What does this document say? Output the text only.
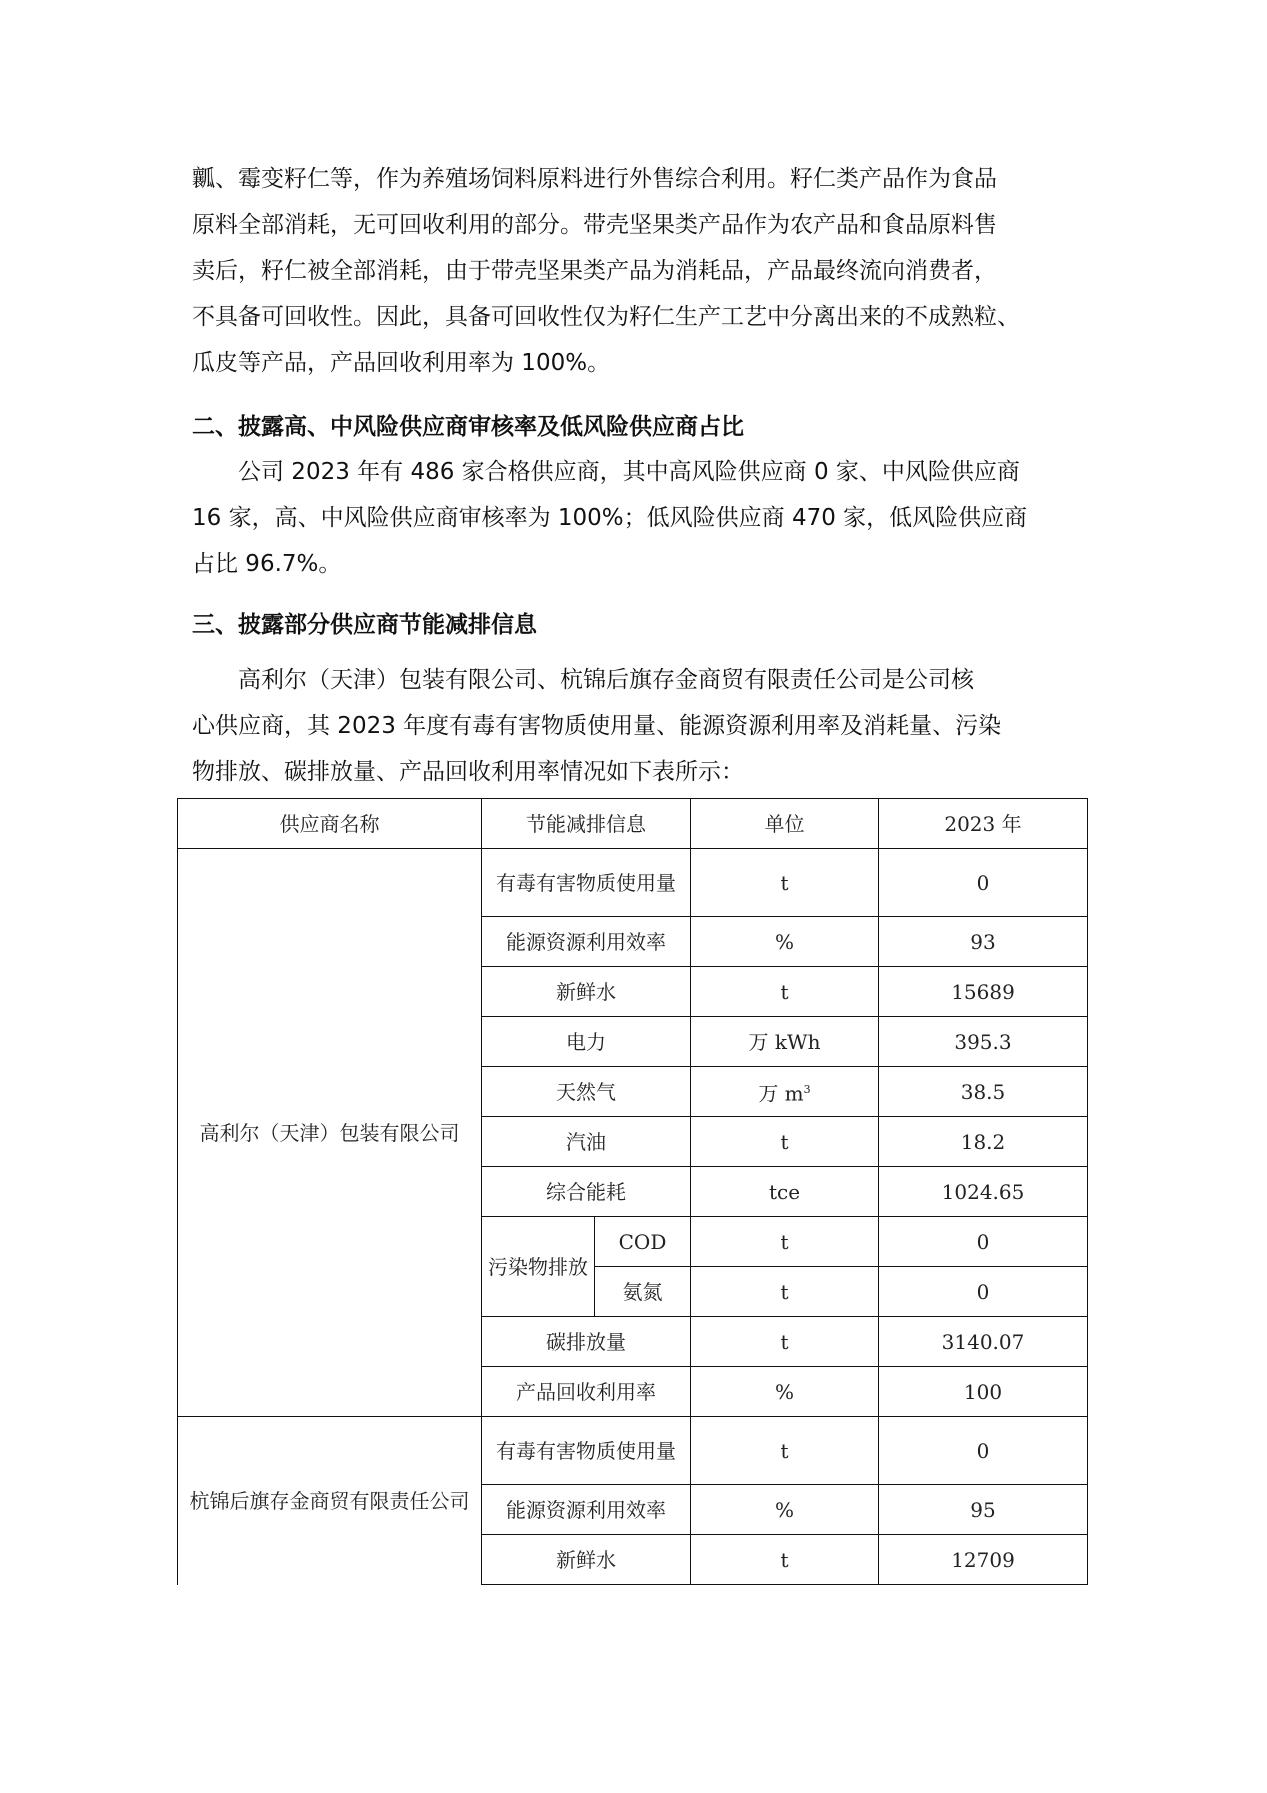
瓤、霉变籽仁等，作为养殖场饲料原料进行外售综合利用。籽仁类产品作为食品
原料全部消耗，无可回收利用的部分。带壳坚果类产品作为农产品和食品原料售
卖后，籽仁被全部消耗，由于带壳坚果类产品为消耗品，产品最终流向消费者，
不具备可回收性。因此，具备可回收性仅为籽仁生产工艺中分离出来的不成熟粒、
瓜皮等产品，产品回收利用率为 100%。
二、披露高、中风险供应商审核率及低风险供应商占比
公司 2023 年有 486 家合格供应商，其中高风险供应商 0 家、中风险供应商
16 家，高、中风险供应商审核率为 100%；低风险供应商 470 家，低风险供应商
占比 96.7%。
三、披露部分供应商节能减排信息
高利尔（天津）包装有限公司、杭锦后旗存金商贸有限责任公司是公司核
心供应商，其 2023 年度有毒有害物质使用量、能源资源利用率及消耗量、污染
物排放、碳排放量、产品回收利用率情况如下表所示：
供应商名称	节能减排信息		单位	2023 年
高利尔（天津）包装有限公司	有毒有害物质使用量		t	0
	能源资源利用效率		%	93
	新鲜水		t	15689
	电力		万 kWh	395.3
	天然气		万 $m^3$	38.5
	汽油		t	18.2
	综合能耗		tce	1024.65
	污染物排放	COD	t	0
		氨氮	t	0
	碳排放量		t	3140.07
	产品回收利用率		%	100
杭锦后旗存金商贸有限责任公司	有毒有害物质使用量		t	0
	能源资源利用效率		%	95
	新鲜水		t	12709
